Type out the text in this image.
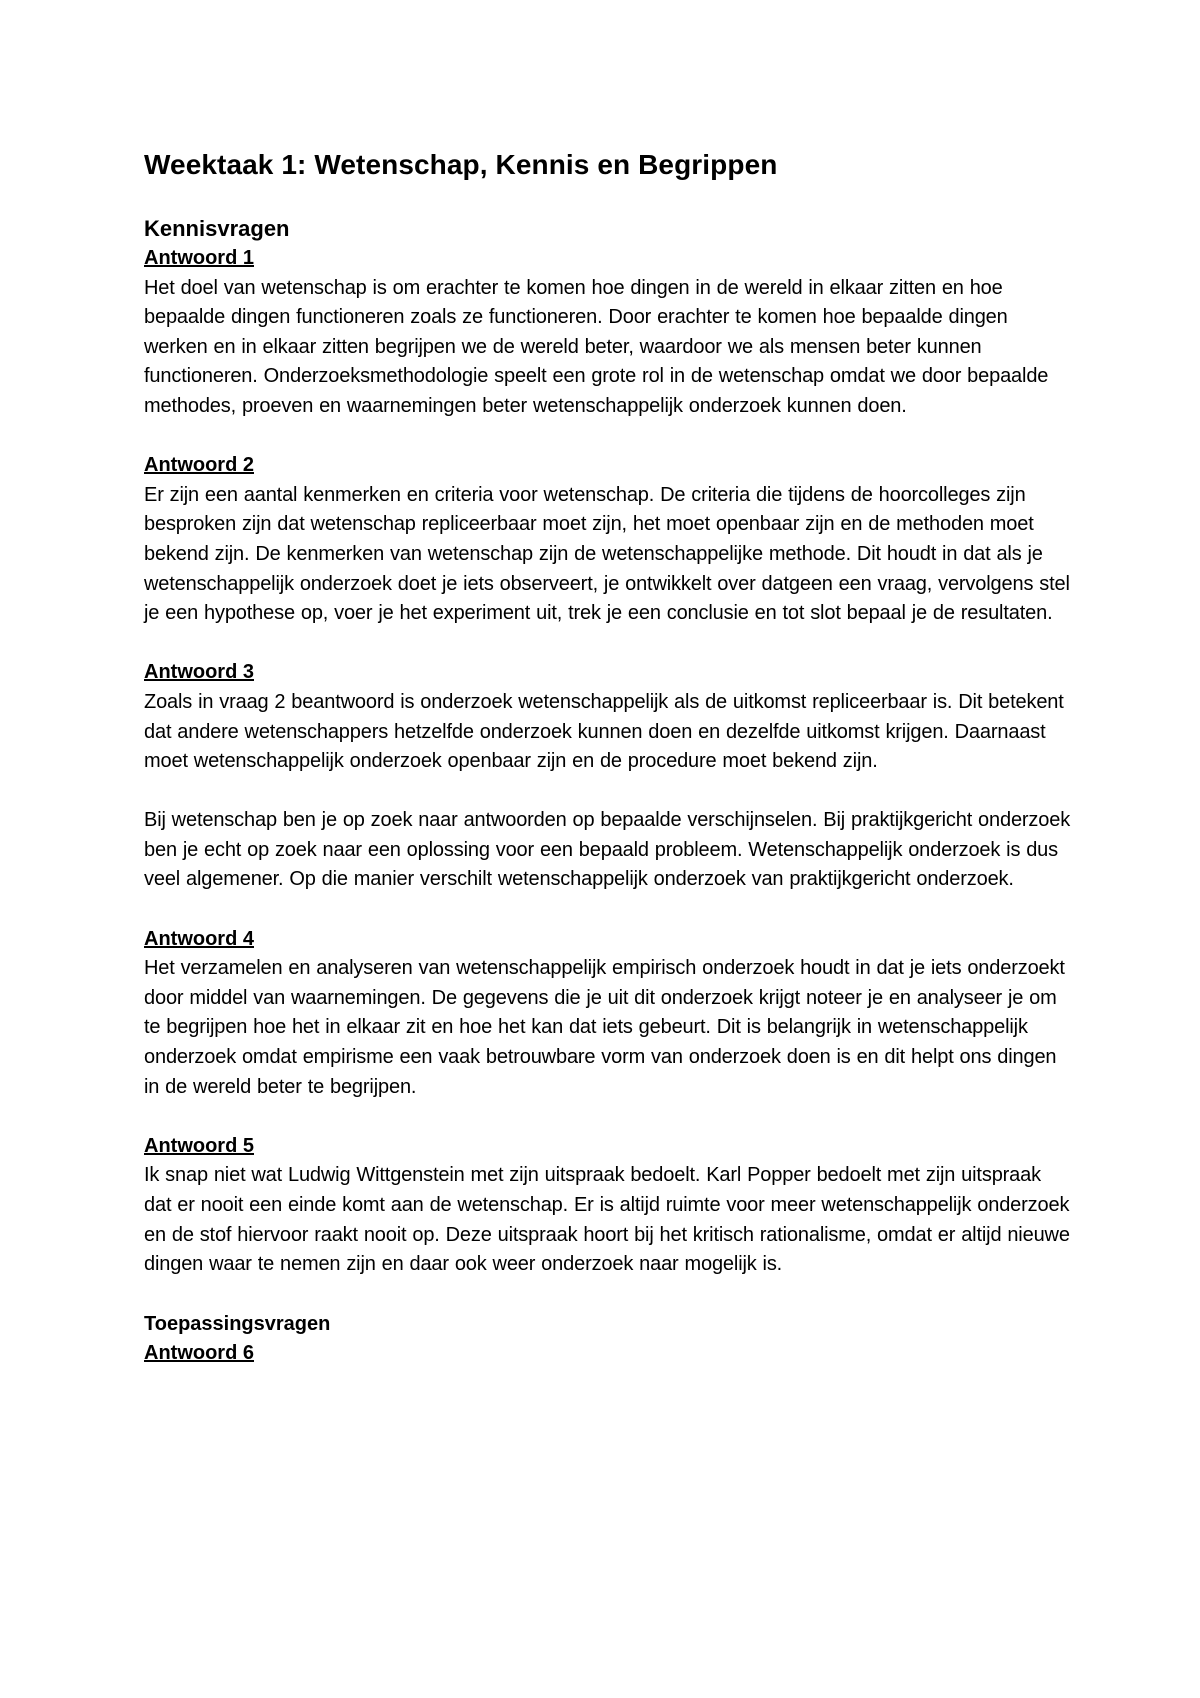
Weektaak 1: Wetenschap, Kennis en Begrippen
Kennisvragen
Antwoord 1

Het doel van wetenschap is om erachter te komen hoe dingen in de wereld in elkaar zitten en hoe bepaalde dingen functioneren zoals ze functioneren. Door erachter te komen hoe bepaalde dingen werken en in elkaar zitten begrijpen we de wereld beter, waardoor we als mensen beter kunnen functioneren. Onderzoeksmethodologie speelt een grote rol in de wetenschap omdat we door bepaalde methodes, proeven en waarnemingen beter wetenschappelijk onderzoek kunnen doen.

Antwoord 2

Er zijn een aantal kenmerken en criteria voor wetenschap. De criteria die tijdens de hoorcolleges zijn besproken zijn dat wetenschap repliceerbaar moet zijn, het moet openbaar zijn en de methoden moet bekend zijn. De kenmerken van wetenschap zijn de wetenschappelijke methode. Dit houdt in dat als je wetenschappelijk onderzoek doet je iets observeert, je ontwikkelt over datgeen een vraag, vervolgens stel je een hypothese op, voer je het experiment uit, trek je een conclusie en tot slot bepaal je de resultaten.

Antwoord 3

Zoals in vraag 2 beantwoord is onderzoek wetenschappelijk als de uitkomst repliceerbaar is. Dit betekent dat andere wetenschappers hetzelfde onderzoek kunnen doen en dezelfde uitkomst krijgen. Daarnaast moet wetenschappelijk onderzoek openbaar zijn en de procedure moet bekend zijn.

Bij wetenschap ben je op zoek naar antwoorden op bepaalde verschijnselen. Bij praktijkgericht onderzoek ben je echt op zoek naar een oplossing voor een bepaald probleem. Wetenschappelijk onderzoek is dus veel algemener. Op die manier verschilt wetenschappelijk onderzoek van praktijkgericht onderzoek.

Antwoord 4

Het verzamelen en analyseren van wetenschappelijk empirisch onderzoek houdt in dat je iets onderzoekt door middel van waarnemingen. De gegevens die je uit dit onderzoek krijgt noteer je en analyseer je om te begrijpen hoe het in elkaar zit en hoe het kan dat iets gebeurt. Dit is belangrijk in wetenschappelijk onderzoek omdat empirisme een vaak betrouwbare vorm van onderzoek doen is en dit helpt ons dingen in de wereld beter te begrijpen.

Antwoord 5

Ik snap niet wat Ludwig Wittgenstein met zijn uitspraak bedoelt. Karl Popper bedoelt met zijn uitspraak dat er nooit een einde komt aan de wetenschap. Er is altijd ruimte voor meer wetenschappelijk onderzoek en de stof hiervoor raakt nooit op. Deze uitspraak hoort bij het kritisch rationalisme, omdat er altijd nieuwe dingen waar te nemen zijn en daar ook weer onderzoek naar mogelijk is.

Toepassingsvragen
Antwoord 6
